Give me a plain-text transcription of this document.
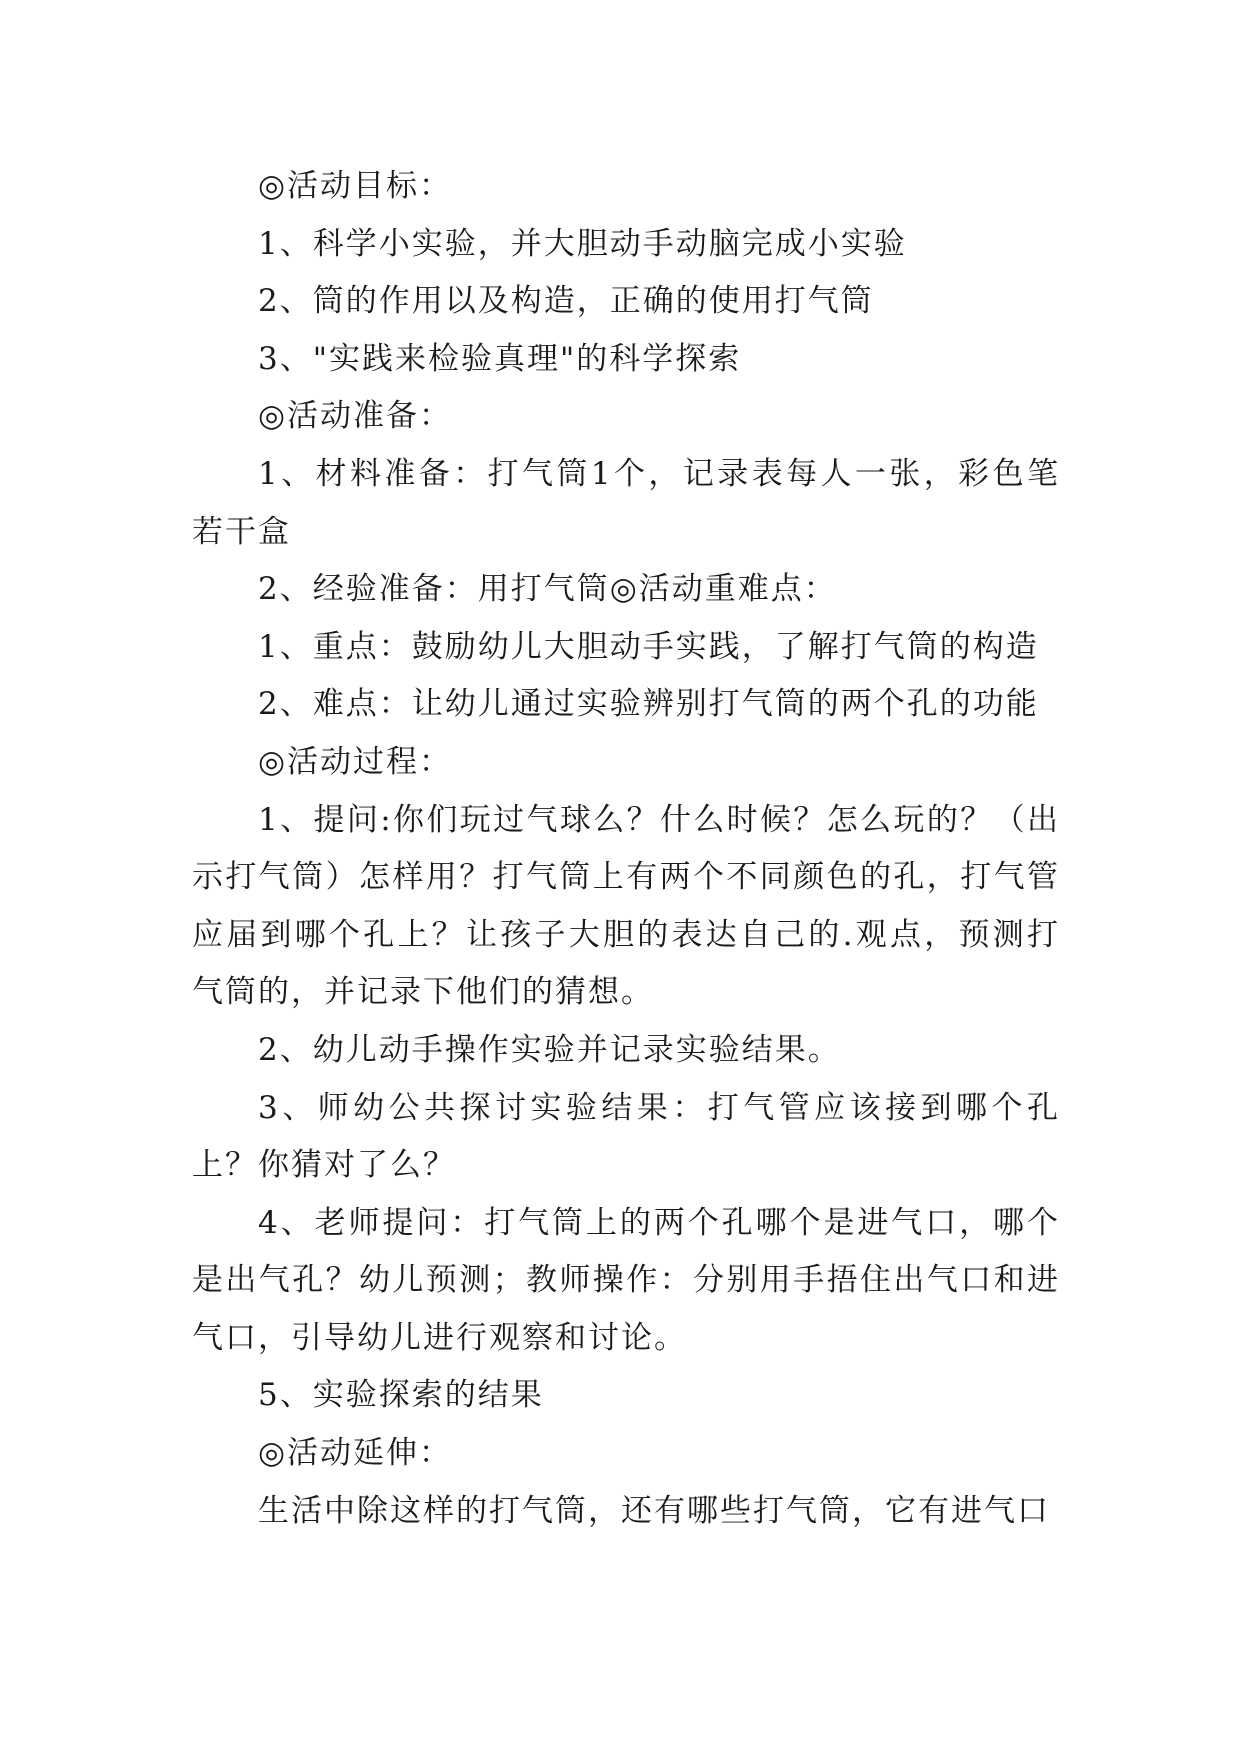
◎活动目标：

1、科学小实验，并大胆动手动脑完成小实验

2、筒的作用以及构造，正确的使用打气筒

3、"实践来检验真理"的科学探索

◎活动准备：

1、材料准备：打气筒1个，记录表每人一张，彩色笔若干盒

2、经验准备：用打气筒◎活动重难点：

1、重点：鼓励幼儿大胆动手实践，了解打气筒的构造

2、难点：让幼儿通过实验辨别打气筒的两个孔的功能

◎活动过程：

1、提问:你们玩过气球么？什么时候？怎么玩的？（出示打气筒）怎样用？打气筒上有两个不同颜色的孔，打气管应届到哪个孔上？让孩子大胆的表达自己的.观点，预测打气筒的，并记录下他们的猜想。

2、幼儿动手操作实验并记录实验结果。

3、师幼公共探讨实验结果：打气管应该接到哪个孔上？你猜对了么？

4、老师提问：打气筒上的两个孔哪个是进气口，哪个是出气孔？幼儿预测；教师操作：分别用手捂住出气口和进气口，引导幼儿进行观察和讨论。

5、实验探索的结果

◎活动延伸：

生活中除这样的打气筒，还有哪些打气筒，它有进气口
